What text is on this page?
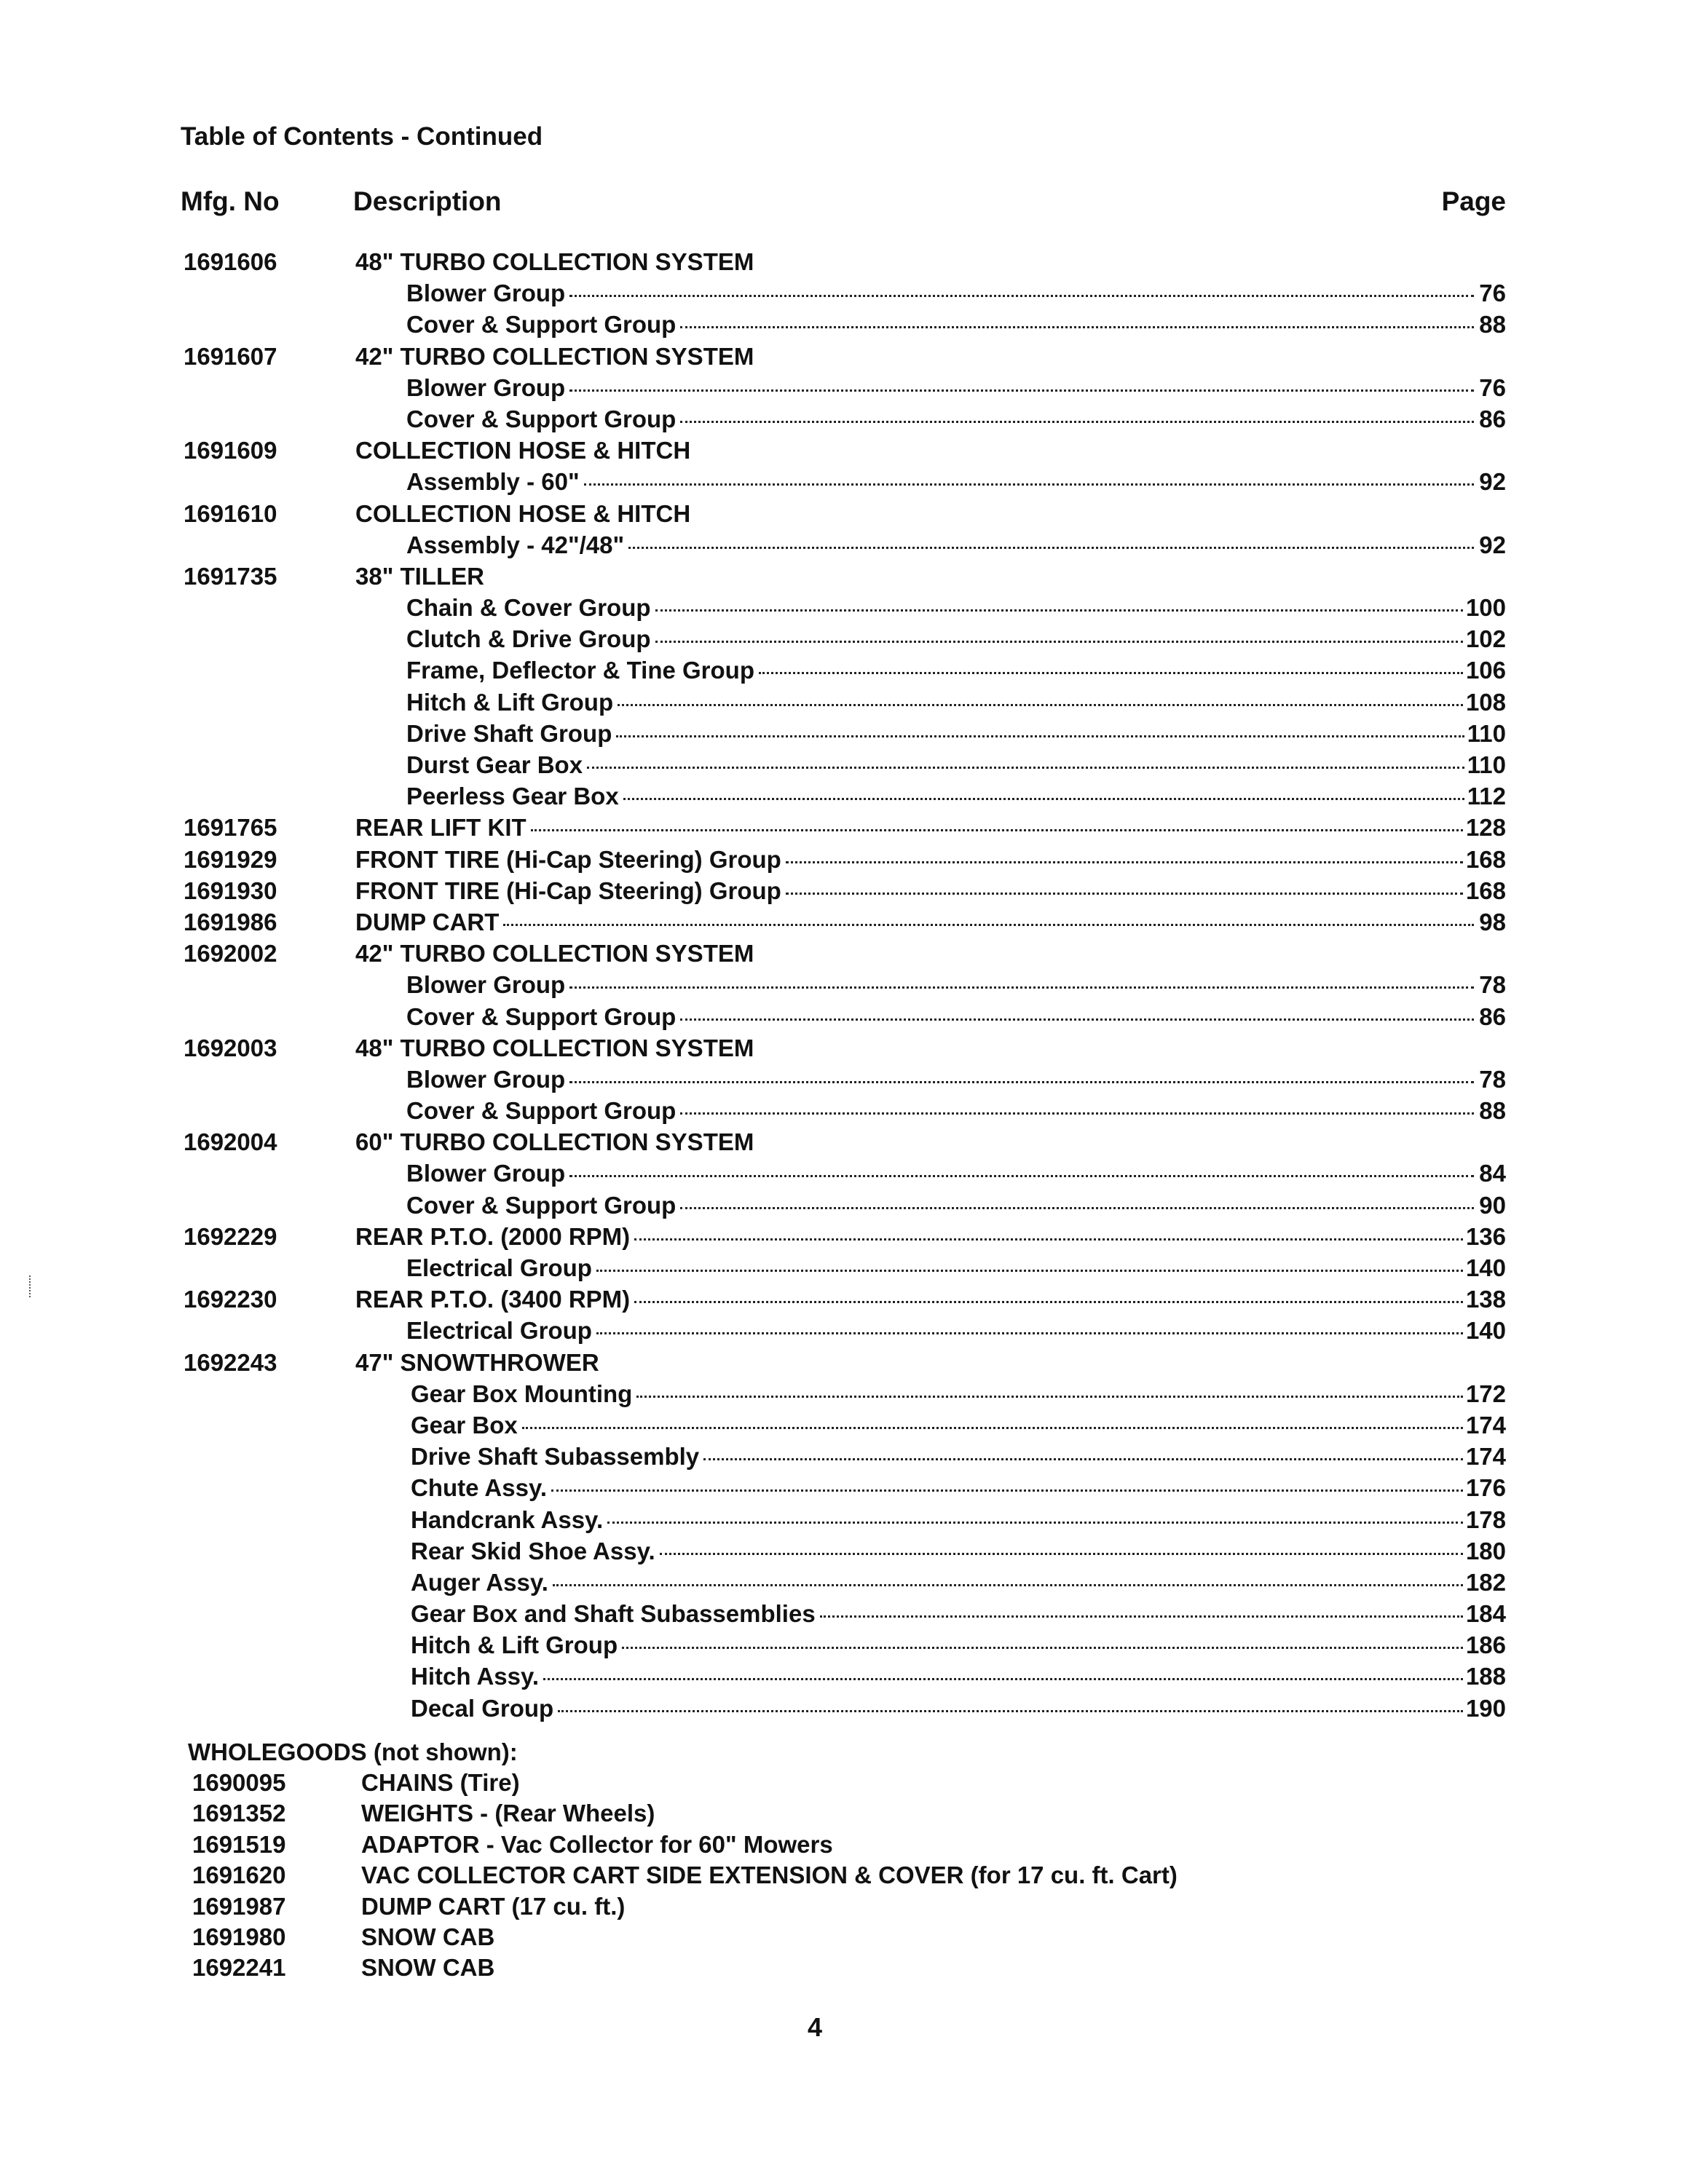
Table of Contents - Continued
Mfg. No	Description	Page
1691606	48" TURBO COLLECTION SYSTEM
Blower Group	76
Cover & Support Group	88
1691607	42" TURBO COLLECTION SYSTEM
Blower Group	76
Cover & Support Group	86
1691609	COLLECTION HOSE & HITCH
Assembly - 60"	92
1691610	COLLECTION HOSE & HITCH
Assembly - 42"/48"	92
1691735	38" TILLER
Chain & Cover Group	100
Clutch & Drive Group	102
Frame, Deflector & Tine Group	106
Hitch & Lift Group	108
Drive Shaft Group	110
Durst Gear Box	110
Peerless Gear Box	112
1691765	REAR LIFT KIT	128
1691929	FRONT TIRE (Hi-Cap Steering) Group	168
1691930	FRONT TIRE (Hi-Cap Steering) Group	168
1691986	DUMP CART	98
1692002	42" TURBO COLLECTION SYSTEM
Blower Group	78
Cover & Support Group	86
1692003	48" TURBO COLLECTION SYSTEM
Blower Group	78
Cover & Support Group	88
1692004	60" TURBO COLLECTION SYSTEM
Blower Group	84
Cover & Support Group	90
1692229	REAR P.T.O. (2000 RPM)	136
Electrical Group	140
1692230	REAR P.T.O. (3400 RPM)	138
Electrical Group	140
1692243	47" SNOWTHROWER
Gear Box Mounting	172
Gear Box	174
Drive Shaft Subassembly	174
Chute Assy.	176
Handcrank Assy.	178
Rear Skid Shoe Assy.	180
Auger Assy.	182
Gear Box and Shaft Subassemblies	184
Hitch & Lift Group	186
Hitch Assy.	188
Decal Group	190
WHOLEGOODS (not shown):
1690095	CHAINS (Tire)
1691352	WEIGHTS - (Rear Wheels)
1691519	ADAPTOR - Vac Collector for 60" Mowers
1691620	VAC COLLECTOR CART SIDE EXTENSION & COVER (for 17 cu. ft. Cart)
1691987	DUMP CART (17 cu. ft.)
1691980	SNOW CAB
1692241	SNOW CAB
4
